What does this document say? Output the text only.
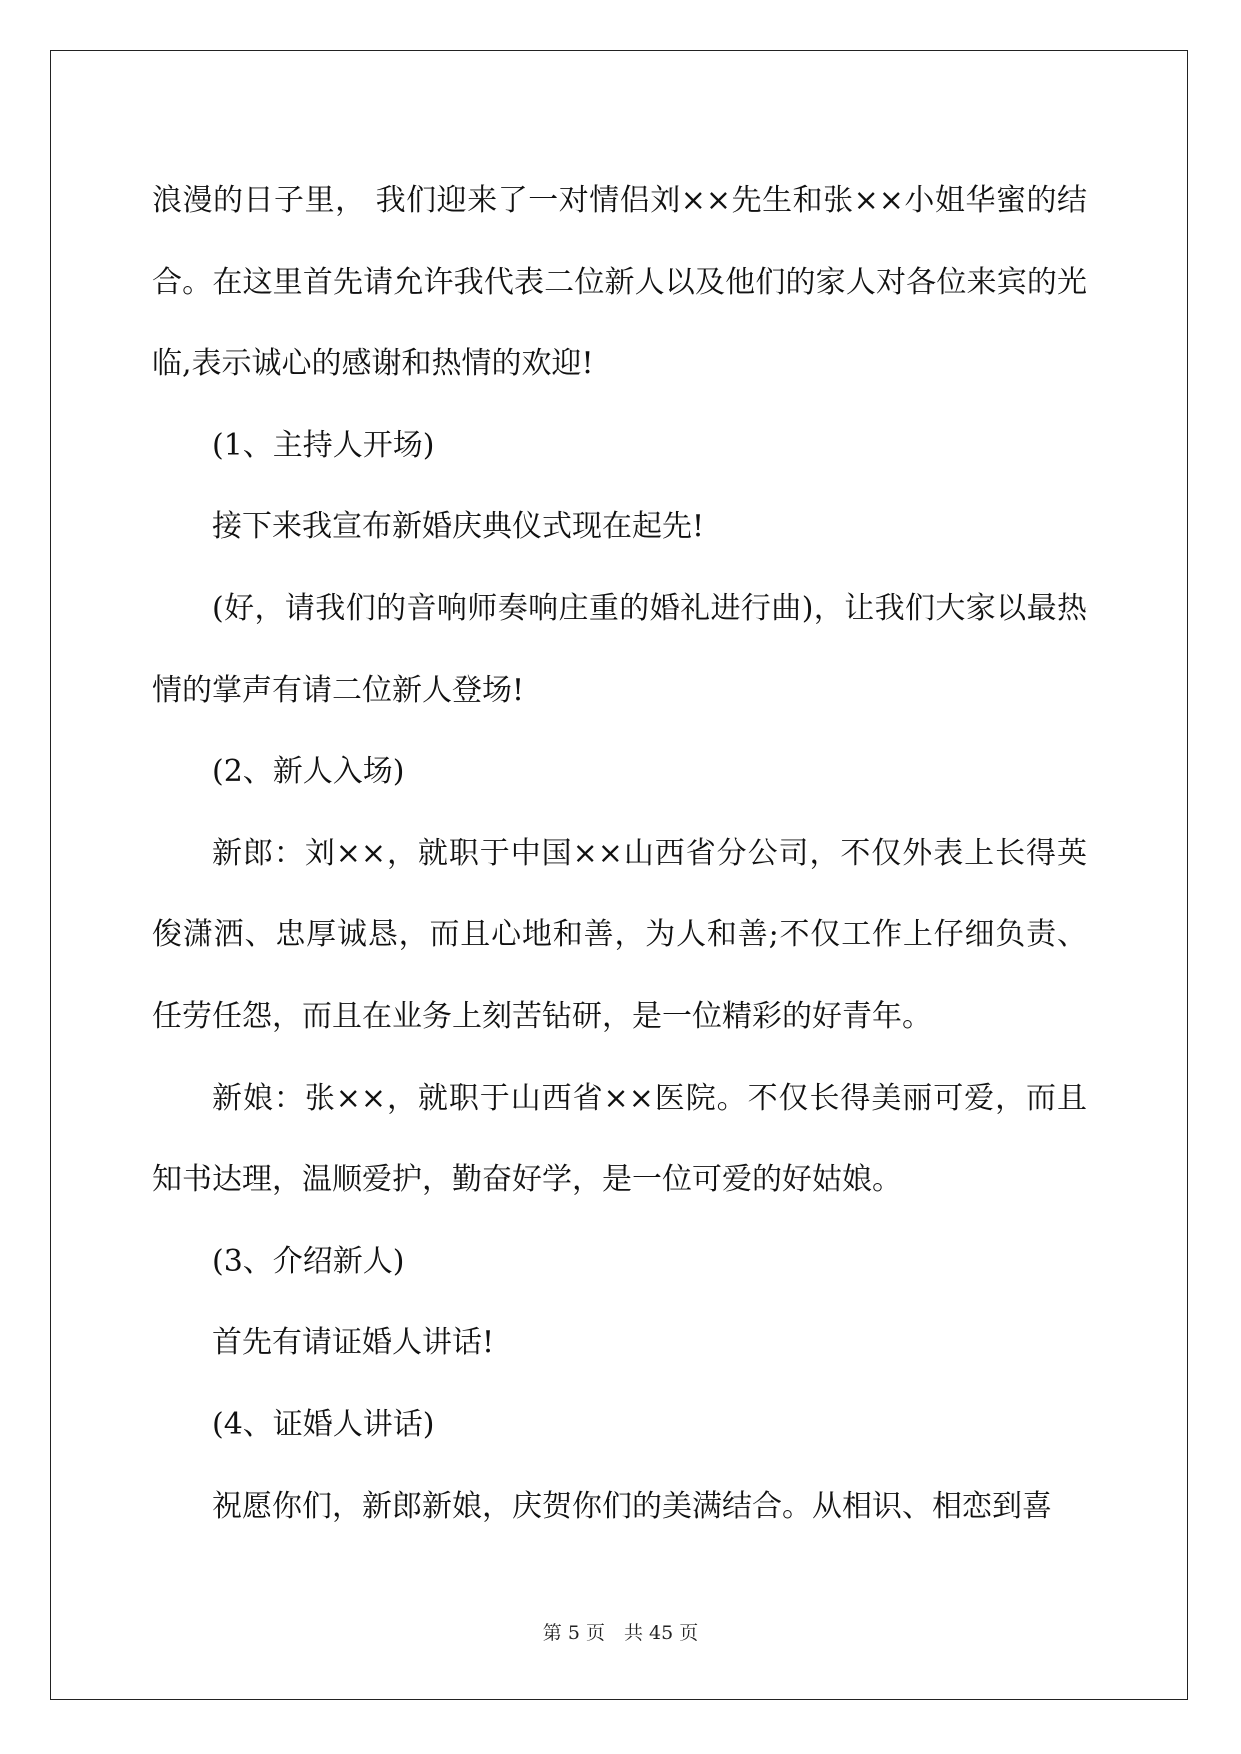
浪漫的日子里， 我们迎来了一对情侣刘××先生和张××小姐华蜜的结合。在这里首先请允许我代表二位新人以及他们的家人对各位来宾的光临,表示诚心的感谢和热情的欢迎!

(1、主持人开场)

接下来我宣布新婚庆典仪式现在起先!

(好，请我们的音响师奏响庄重的婚礼进行曲)，让我们大家以最热情的掌声有请二位新人登场!

(2、新人入场)

新郎：刘××，就职于中国××山西省分公司，不仅外表上长得英俊潇洒、忠厚诚恳，而且心地和善，为人和善;不仅工作上仔细负责、任劳任怨，而且在业务上刻苦钻研，是一位精彩的好青年。

新娘：张××，就职于山西省××医院。不仅长得美丽可爱，而且知书达理，温顺爱护，勤奋好学，是一位可爱的好姑娘。

(3、介绍新人)

首先有请证婚人讲话!

(4、证婚人讲话)

祝愿你们，新郎新娘，庆贺你们的美满结合。从相识、相恋到喜

第 5 页　共 45 页
